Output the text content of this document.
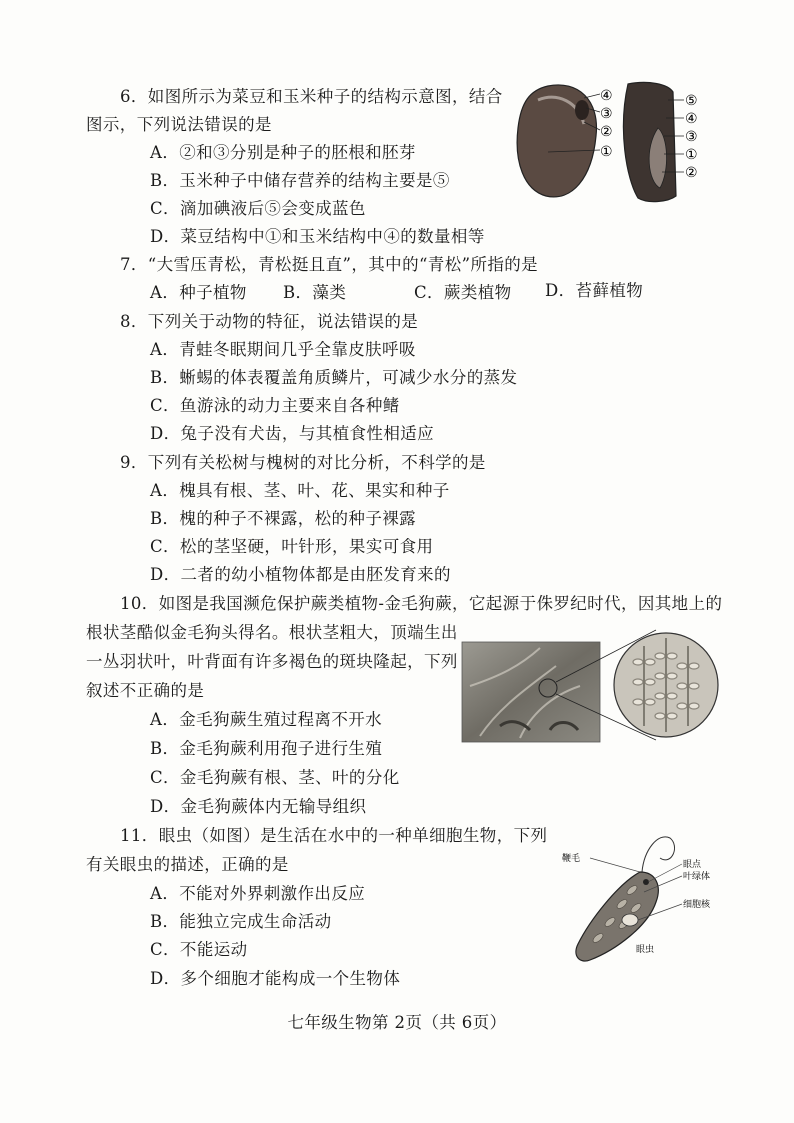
6．如图所示为菜豆和玉米种子的结构示意图，结合
图示，下列说法错误的是
A．②和③分别是种子的胚根和胚芽
B．玉米种子中储存营养的结构主要是⑤
C．滴加碘液后⑤会变成蓝色
D．菜豆结构中①和玉米结构中④的数量相等
④
③
②
①
⑤
④
③
①
②
7．“大雪压青松，青松挺且直”，其中的“青松”所指的是
A．种子植物 B．藻类	C．蕨类植物 D．苔藓植物
8．下列关于动物的特征，说法错误的是
A．青蛙冬眠期间几乎全靠皮肤呼吸
B．蜥蜴的体表覆盖角质鳞片，可减少水分的蒸发
C．鱼游泳的动力主要来自各种鳍
D．兔子没有犬齿，与其植食性相适应
9．下列有关松树与槐树的对比分析，不科学的是
A．槐具有根、茎、叶、花、果实和种子
B．槐的种子不裸露，松的种子裸露
C．松的茎坚硬，叶针形，果实可食用
D．二者的幼小植物体都是由胚发育来的
10．如图是我国濒危保护蕨类植物-金毛狗蕨，它起源于侏罗纪时代，因其地上的
根状茎酷似金毛狗头得名。根状茎粗大，顶端生出
一丛羽状叶，叶背面有许多褐色的斑块隆起，下列
叙述不正确的是
A．金毛狗蕨生殖过程离不开水
B．金毛狗蕨利用孢子进行生殖
C．金毛狗蕨有根、茎、叶的分化
D．金毛狗蕨体内无输导组织
11．眼虫（如图）是生活在水中的一种单细胞生物，下列
有关眼虫的描述，正确的是
A．不能对外界刺激作出反应
B．能独立完成生命活动
C．不能运动
D．多个细胞才能构成一个生物体
鞭毛
眼点
叶绿体
细胞核
眼虫
七年级生物第 2页（共 6页）
